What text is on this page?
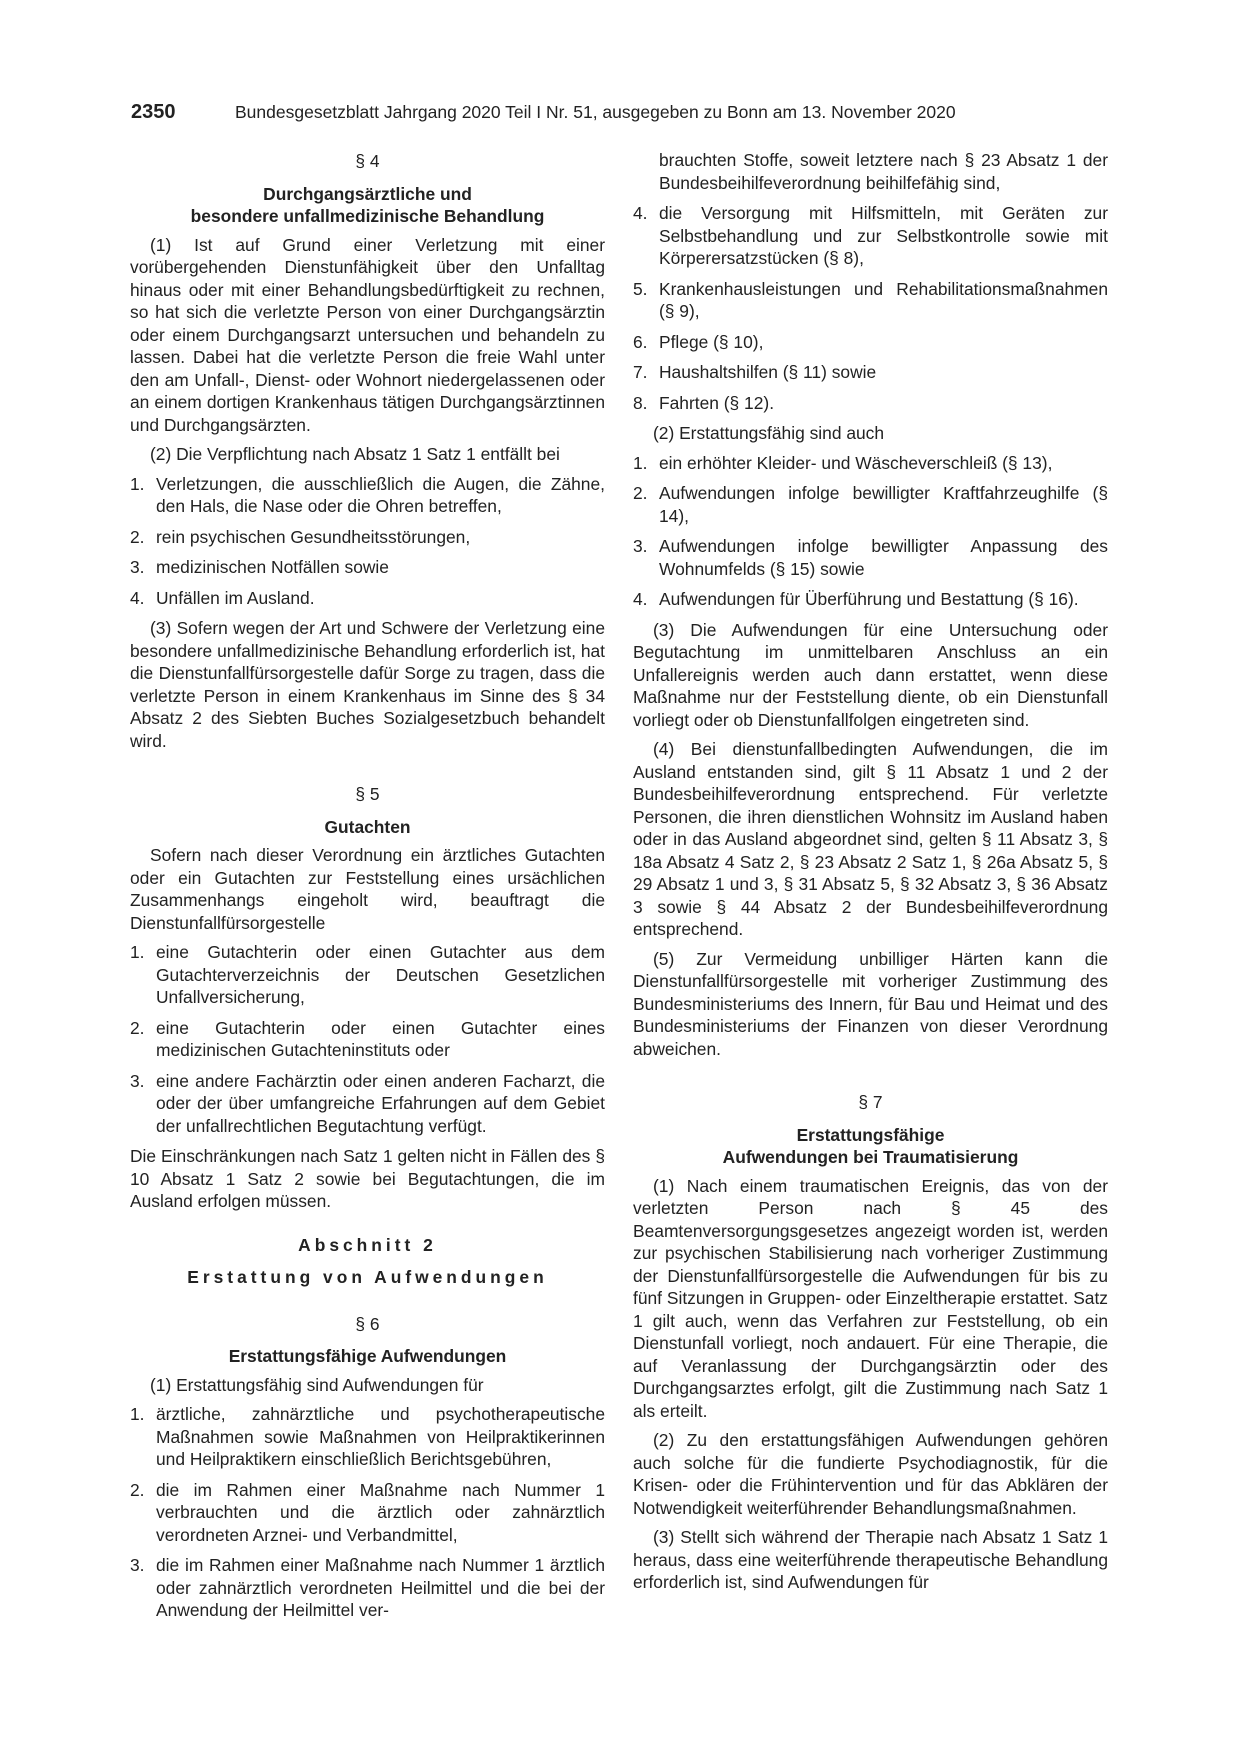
2350	Bundesgesetzblatt Jahrgang 2020 Teil I Nr. 51, ausgegeben zu Bonn am 13. November 2020
§ 4
Durchgangsärztliche und
besondere unfallmedizinische Behandlung

(1) Ist auf Grund einer Verletzung mit einer vorübergehenden Dienstunfähigkeit über den Unfalltag hinaus oder mit einer Behandlungsbedürftigkeit zu rechnen, so hat sich die verletzte Person von einer Durchgangsärztin oder einem Durchgangsarzt untersuchen und behandeln zu lassen. Dabei hat die verletzte Person die freie Wahl unter den am Unfall-, Dienst- oder Wohnort niedergelassenen oder an einem dortigen Krankenhaus tätigen Durchgangsärztinnen und Durchgangsärzten.

(2) Die Verpflichtung nach Absatz 1 Satz 1 entfällt bei

1. Verletzungen, die ausschließlich die Augen, die Zähne, den Hals, die Nase oder die Ohren betreffen,
2. rein psychischen Gesundheitsstörungen,
3. medizinischen Notfällen sowie
4. Unfällen im Ausland.

(3) Sofern wegen der Art und Schwere der Verletzung eine besondere unfallmedizinische Behandlung erforderlich ist, hat die Dienstunfallfürsorgestelle dafür Sorge zu tragen, dass die verletzte Person in einem Krankenhaus im Sinne des § 34 Absatz 2 des Siebten Buches Sozialgesetzbuch behandelt wird.

§ 5
Gutachten

Sofern nach dieser Verordnung ein ärztliches Gutachten oder ein Gutachten zur Feststellung eines ursächlichen Zusammenhangs eingeholt wird, beauftragt die Dienstunfallfürsorgestelle

1. eine Gutachterin oder einen Gutachter aus dem Gutachterverzeichnis der Deutschen Gesetzlichen Unfallversicherung,
2. eine Gutachterin oder einen Gutachter eines medizinischen Gutachteninstituts oder
3. eine andere Fachärztin oder einen anderen Facharzt, die oder der über umfangreiche Erfahrungen auf dem Gebiet der unfallrechtlichen Begutachtung verfügt.

Die Einschränkungen nach Satz 1 gelten nicht in Fällen des § 10 Absatz 1 Satz 2 sowie bei Begutachtungen, die im Ausland erfolgen müssen.

Abschnitt 2
Erstattung von Aufwendungen
§ 6
Erstattungsfähige Aufwendungen

(1) Erstattungsfähig sind Aufwendungen für

1. ärztliche, zahnärztliche und psychotherapeutische Maßnahmen sowie Maßnahmen von Heilpraktikerinnen und Heilpraktikern einschließlich Berichtsgebühren,
2. die im Rahmen einer Maßnahme nach Nummer 1 verbrauchten und die ärztlich oder zahnärztlich verordneten Arznei- und Verbandmittel,
3. die im Rahmen einer Maßnahme nach Nummer 1 ärztlich oder zahnärztlich verordneten Heilmittel und die bei der Anwendung der Heilmittel ver-
brauchten Stoffe, soweit letztere nach § 23 Absatz 1 der Bundesbeihilfeverordnung beihilfefähig sind,
4. die Versorgung mit Hilfsmitteln, mit Geräten zur Selbstbehandlung und zur Selbstkontrolle sowie mit Körperersatzstücken (§ 8),
5. Krankenhausleistungen und Rehabilitationsmaßnahmen (§ 9),
6. Pflege (§ 10),
7. Haushaltshilfen (§ 11) sowie
8. Fahrten (§ 12).

(2) Erstattungsfähig sind auch

1. ein erhöhter Kleider- und Wäscheverschleiß (§ 13),
2. Aufwendungen infolge bewilligter Kraftfahrzeughilfe (§ 14),
3. Aufwendungen infolge bewilligter Anpassung des Wohnumfelds (§ 15) sowie
4. Aufwendungen für Überführung und Bestattung (§ 16).

(3) Die Aufwendungen für eine Untersuchung oder Begutachtung im unmittelbaren Anschluss an ein Unfallereignis werden auch dann erstattet, wenn diese Maßnahme nur der Feststellung diente, ob ein Dienstunfall vorliegt oder ob Dienstunfallfolgen eingetreten sind.

(4) Bei dienstunfallbedingten Aufwendungen, die im Ausland entstanden sind, gilt § 11 Absatz 1 und 2 der Bundesbeihilfeverordnung entsprechend. Für verletzte Personen, die ihren dienstlichen Wohnsitz im Ausland haben oder in das Ausland abgeordnet sind, gelten § 11 Absatz 3, § 18a Absatz 4 Satz 2, § 23 Absatz 2 Satz 1, § 26a Absatz 5, § 29 Absatz 1 und 3, § 31 Absatz 5, § 32 Absatz 3, § 36 Absatz 3 sowie § 44 Absatz 2 der Bundesbeihilfeverordnung entsprechend.

(5) Zur Vermeidung unbilliger Härten kann die Dienstunfallfürsorgestelle mit vorheriger Zustimmung des Bundesministeriums des Innern, für Bau und Heimat und des Bundesministeriums der Finanzen von dieser Verordnung abweichen.

§ 7
Erstattungsfähige
Aufwendungen bei Traumatisierung

(1) Nach einem traumatischen Ereignis, das von der verletzten Person nach § 45 des Beamtenversorgungsgesetzes angezeigt worden ist, werden zur psychischen Stabilisierung nach vorheriger Zustimmung der Dienstunfallfürsorgestelle die Aufwendungen für bis zu fünf Sitzungen in Gruppen- oder Einzeltherapie erstattet. Satz 1 gilt auch, wenn das Verfahren zur Feststellung, ob ein Dienstunfall vorliegt, noch andauert. Für eine Therapie, die auf Veranlassung der Durchgangsärztin oder des Durchgangsarztes erfolgt, gilt die Zustimmung nach Satz 1 als erteilt.

(2) Zu den erstattungsfähigen Aufwendungen gehören auch solche für die fundierte Psychodiagnostik, für die Krisen- oder die Frühintervention und für das Abklären der Notwendigkeit weiterführender Behandlungsmaßnahmen.

(3) Stellt sich während der Therapie nach Absatz 1 Satz 1 heraus, dass eine weiterführende therapeutische Behandlung erforderlich ist, sind Aufwendungen für
